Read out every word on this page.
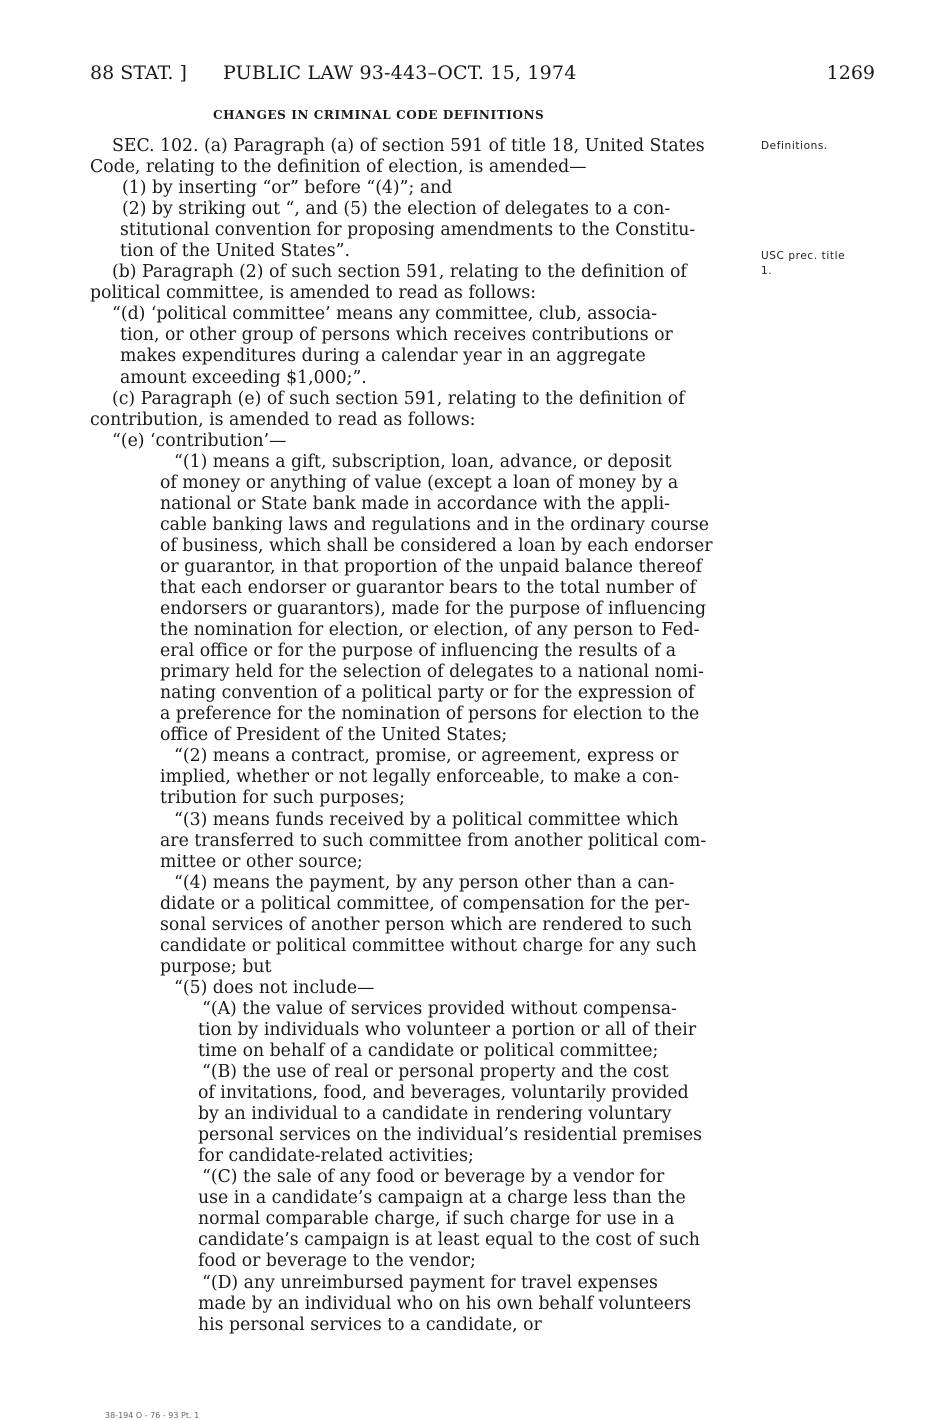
88 STAT. ] PUBLIC LAW 93-443–OCT. 15, 1974	1269
CHANGES IN CRIMINAL CODE DEFINITIONS
Definitions.
USC prec. title
1.

SEC. 102. (a) Paragraph (a) of section 591 of title 18, United States

Code, relating to the definition of election, is amended—

(1) by inserting “or” before “(4)”; and

(2) by striking out “, and (5) the election of delegates to a con-

stitutional convention for proposing amendments to the Constitu-

tion of the United States”.

(b) Paragraph (2) of such section 591, relating to the definition of

political committee, is amended to read as follows:

“(d) ‘political committee’ means any committee, club, associa-

tion, or other group of persons which receives contributions or

makes expenditures during a calendar year in an aggregate

amount exceeding $1,000;”.

(c) Paragraph (e) of such section 591, relating to the definition of

contribution, is amended to read as follows:

“(e) ‘contribution’—

“(1) means a gift, subscription, loan, advance, or deposit

of money or anything of value (except a loan of money by a

national or State bank made in accordance with the appli-

cable banking laws and regulations and in the ordinary course

of business, which shall be considered a loan by each endorser

or guarantor, in that proportion of the unpaid balance thereof

that each endorser or guarantor bears to the total number of

endorsers or guarantors), made for the purpose of influencing

the nomination for election, or election, of any person to Fed-

eral office or for the purpose of influencing the results of a

primary held for the selection of delegates to a national nomi-

nating convention of a political party or for the expression of

a preference for the nomination of persons for election to the

office of President of the United States;

“(2) means a contract, promise, or agreement, express or

implied, whether or not legally enforceable, to make a con-

tribution for such purposes;

“(3) means funds received by a political committee which

are transferred to such committee from another political com-

mittee or other source;

“(4) means the payment, by any person other than a can-

didate or a political committee, of compensation for the per-

sonal services of another person which are rendered to such

candidate or political committee without charge for any such

purpose; but

“(5) does not include—

“(A) the value of services provided without compensa-

tion by individuals who volunteer a portion or all of their

time on behalf of a candidate or political committee;

“(B) the use of real or personal property and the cost

of invitations, food, and beverages, voluntarily provided

by an individual to a candidate in rendering voluntary

personal services on the individual’s residential premises

for candidate-related activities;

“(C) the sale of any food or beverage by a vendor for

use in a candidate’s campaign at a charge less than the

normal comparable charge, if such charge for use in a

candidate’s campaign is at least equal to the cost of such

food or beverage to the vendor;

“(D) any unreimbursed payment for travel expenses

made by an individual who on his own behalf volunteers

his personal services to a candidate, or

38-194 O - 76 - 93 Pt. 1
